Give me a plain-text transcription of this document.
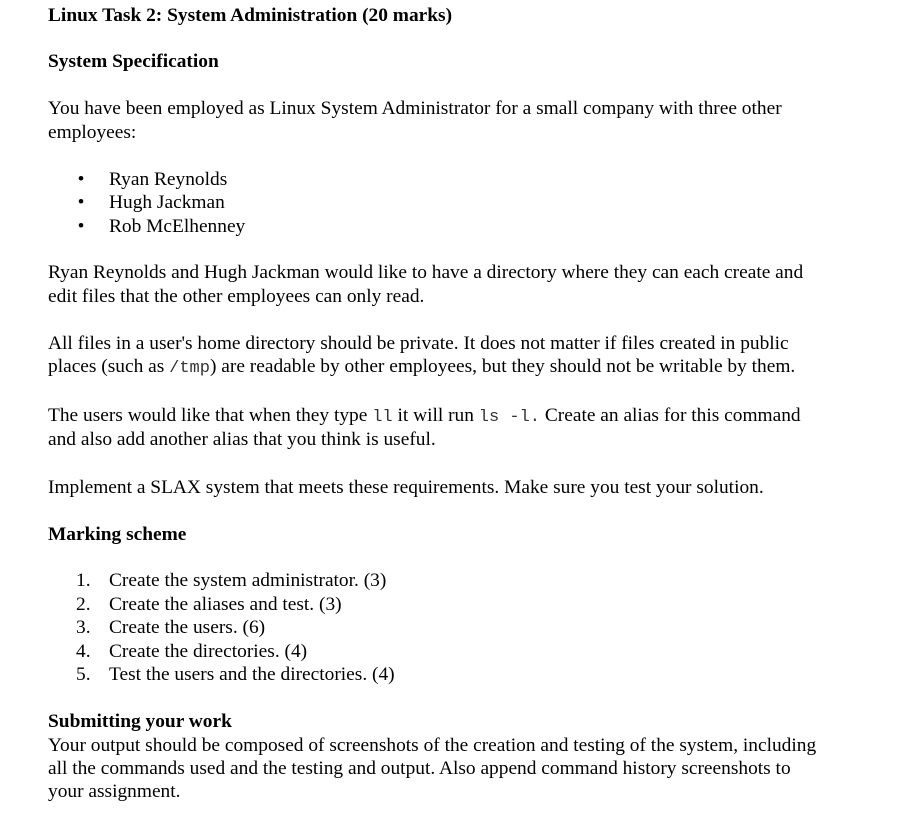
Linux Task 2: System Administration (20 marks)
System Specification
You have been employed as Linux System Administrator for a small company with three other
employees:
• Ryan Reynolds
• Hugh Jackman
• Rob McElhenney
Ryan Reynolds and Hugh Jackman would like to have a directory where they can each create and
edit files that the other employees can only read.
All files in a user's home directory should be private. It does not matter if files created in public
places (such as /tmp) are readable by other employees, but they should not be writable by them.
The users would like that when they type ll it will run ls -l. Create an alias for this command
and also add another alias that you think is useful.
Implement a SLAX system that meets these requirements. Make sure you test your solution.
Marking scheme
1. Create the system administrator. (3)
2. Create the aliases and test. (3)
3. Create the users. (6)
4. Create the directories. (4)
5. Test the users and the directories. (4)
Submitting your work
Your output should be composed of screenshots of the creation and testing of the system, including
all the commands used and the testing and output. Also append command history screenshots to
your assignment.
